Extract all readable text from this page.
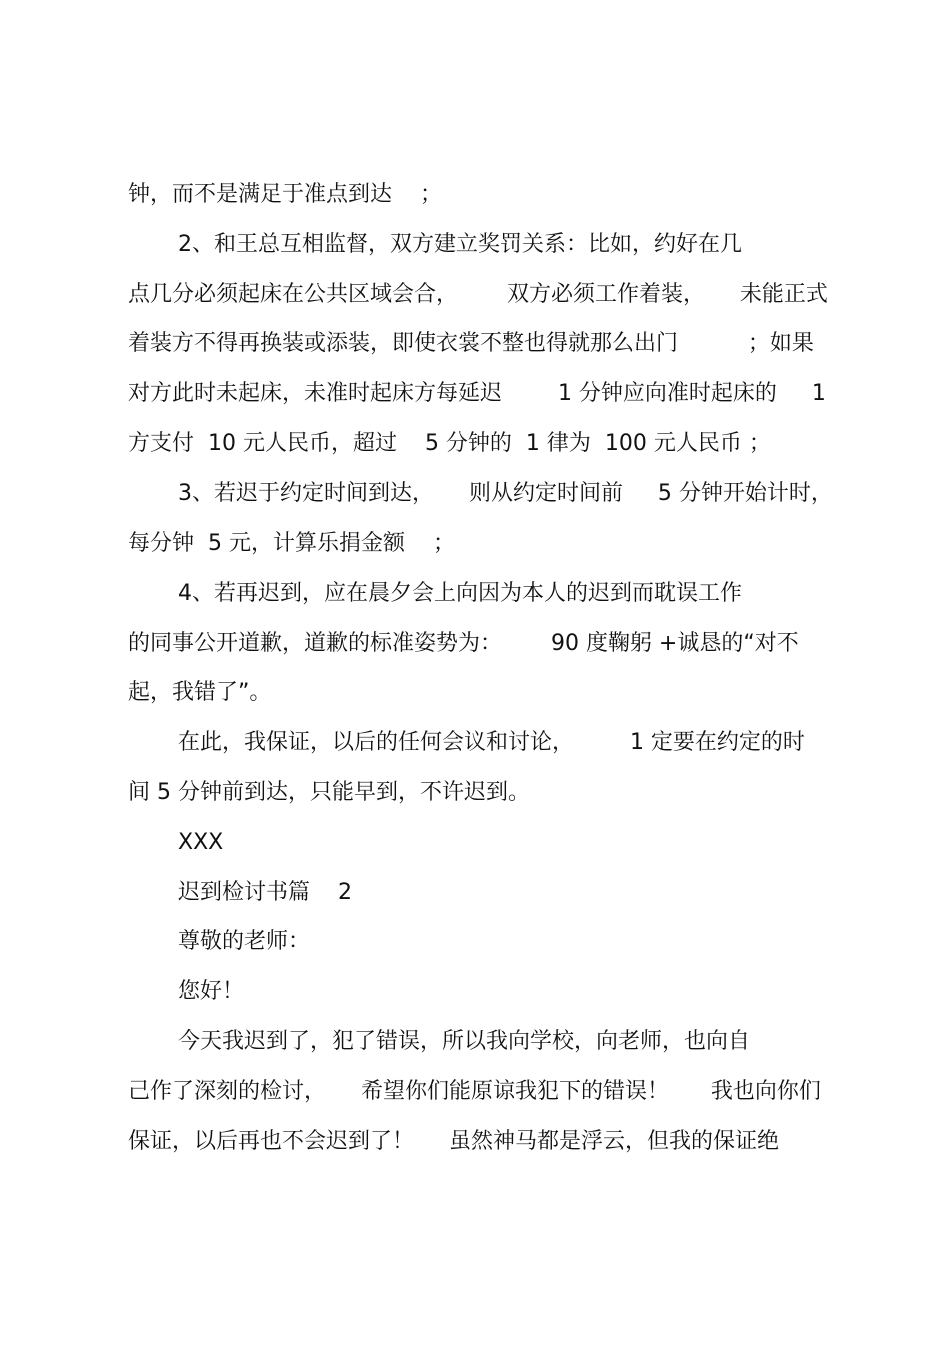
钟，而不是满足于准点到达    ；
2、和王总互相监督，双方建立奖罚关系：比如，约好在几
点几分必须起床在公共区域会合，       双方必须工作着装，     未能正式
着装方不得再换装或添装，即使衣裳不整也得就那么出门          ；如果
对方此时未起床，未准时起床方每延迟        1 分钟应向准时起床的     1
方支付  10 元人民币，超过    5 分钟的  1 律为  100 元人民币 ；
3、若迟于约定时间到达，     则从约定时间前     5 分钟开始计时，
每分钟  5 元，计算乐捐金额    ；
4、若再迟到，应在晨夕会上向因为本人的迟到而耽误工作
的同事公开道歉，道歉的标准姿势为：       90 度鞠躬 +诚恳的“对不
起，我错了”。
在此，我保证，以后的任何会议和讨论，        1 定要在约定的时
间 5 分钟前到达，只能早到，不许迟到。
XXX
迟到检讨书篇    2
尊敬的老师：
您好！
今天我迟到了，犯了错误，所以我向学校，向老师，也向自
己作了深刻的检讨，     希望你们能原谅我犯下的错误！      我也向你们
保证，以后再也不会迟到了！     虽然神马都是浮云，但我的保证绝
